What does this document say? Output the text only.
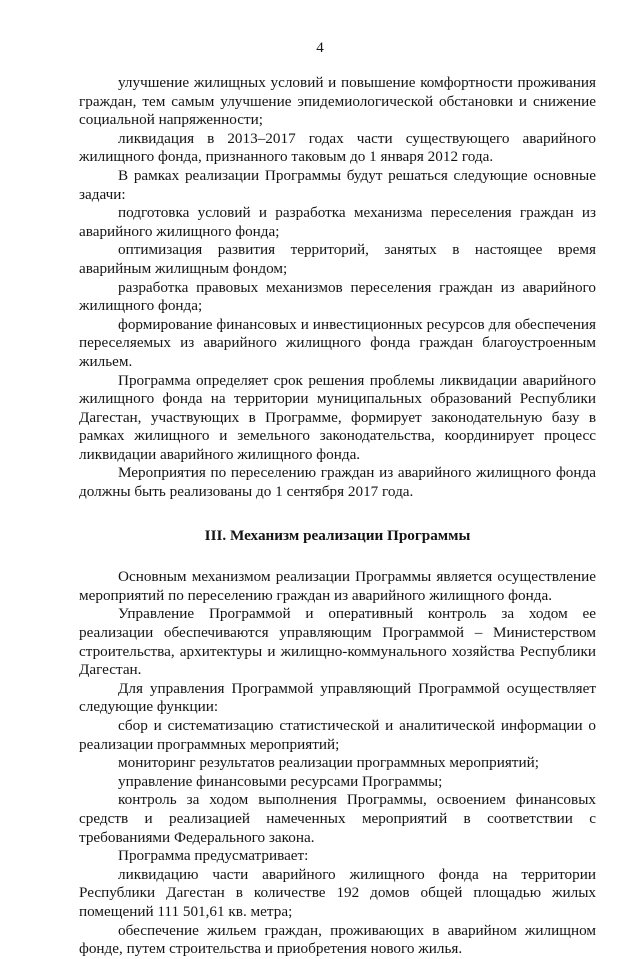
4

улучшение жилищных условий и повышение комфортности проживания граждан, тем самым улучшение эпидемиологической обстановки и снижение социальной напряженности;

ликвидация в 2013–2017 годах части существующего аварийного жилищного фонда, признанного таковым до 1 января 2012 года.

В рамках реализации Программы будут решаться следующие основные задачи:

подготовка условий и разработка механизма переселения граждан из аварийного жилищного фонда;

оптимизация развития территорий, занятых в настоящее время аварийным жилищным фондом;

разработка правовых механизмов переселения граждан из аварийного жилищного фонда;

формирование финансовых и инвестиционных ресурсов для обеспечения переселяемых из аварийного жилищного фонда граждан благоустроенным жильем.

Программа определяет срок решения проблемы ликвидации аварийного жилищного фонда на территории муниципальных образований Республики Дагестан, участвующих в Программе, формирует законодательную базу в рамках жилищного и земельного законодательства, координирует процесс ликвидации аварийного жилищного фонда.

Мероприятия по переселению граждан из аварийного жилищного фонда должны быть реализованы до 1 сентября 2017 года.

III. Механизм реализации Программы

Основным механизмом реализации Программы является осуществление мероприятий по переселению граждан из аварийного жилищного фонда.

Управление Программой и оперативный контроль за ходом ее реализации обеспечиваются управляющим Программой – Министерством строительства, архитектуры и жилищно-коммунального хозяйства Республики Дагестан.

Для управления Программой управляющий Программой осуществляет следующие функции:

сбор и систематизацию статистической и аналитической информации о реализации программных мероприятий;

мониторинг результатов реализации программных мероприятий;

управление финансовыми ресурсами Программы;

контроль за ходом выполнения Программы, освоением финансовых средств и реализацией намеченных мероприятий в соответствии с требованиями Федерального закона.

Программа предусматривает:

ликвидацию части аварийного жилищного фонда на территории Республики Дагестан в количестве 192 домов общей площадью жилых помещений 111 501,61 кв. метра;

обеспечение жильем граждан, проживающих в аварийном жилищном фонде, путем строительства и приобретения нового жилья.
